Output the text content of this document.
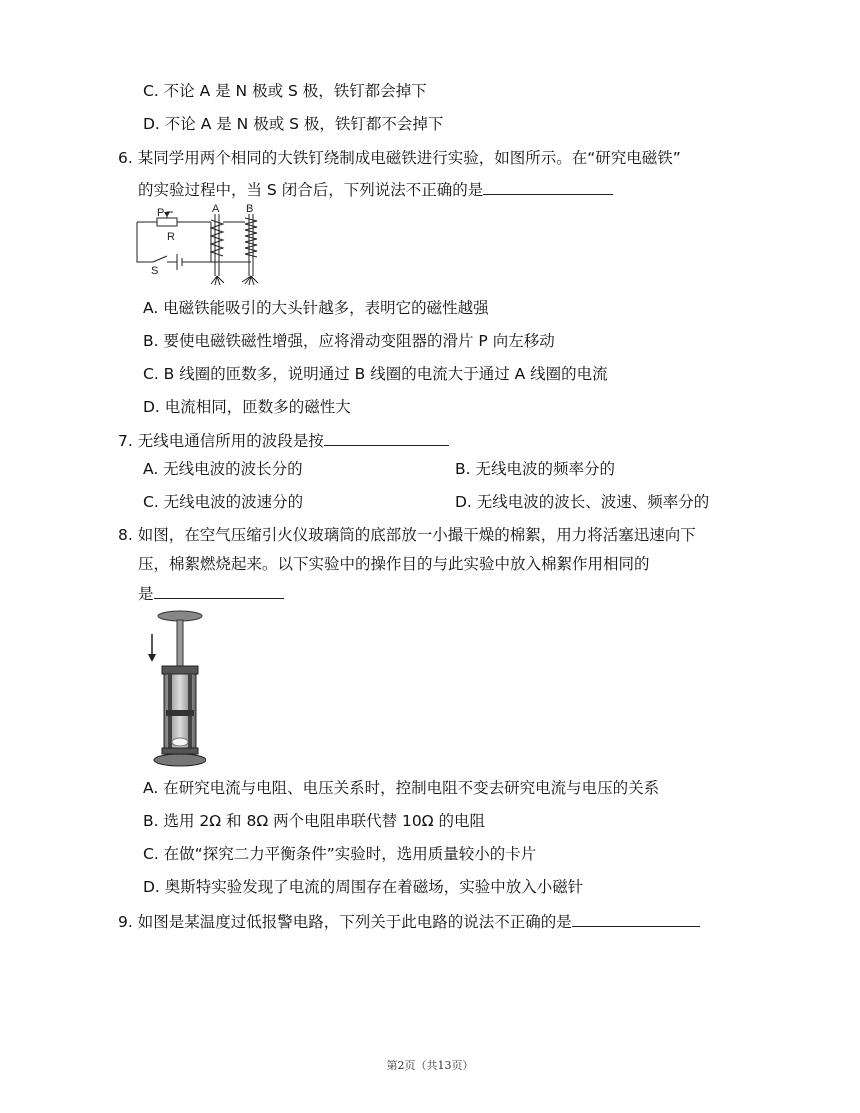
C. 不论 A 是 N 极或 S 极，铁钉都会掉下
D. 不论 A 是 N 极或 S 极，铁钉都不会掉下
6. 某同学用两个相同的大铁钉绕制成电磁铁进行实验，如图所示。在“研究电磁铁”
的实验过程中，当 S 闭合后，下列说法不正确的是
P
R
A B
S
A. 电磁铁能吸引的大头针越多，表明它的磁性越强
B. 要使电磁铁磁性增强，应将滑动变阻器的滑片 P 向左移动
C. B 线圈的匝数多，说明通过 B 线圈的电流大于通过 A 线圈的电流
D. 电流相同，匝数多的磁性大
7. 无线电通信所用的波段是按
A. 无线电波的波长分的	B. 无线电波的频率分的
C. 无线电波的波速分的	D. 无线电波的波长、波速、频率分的
8. 如图，在空气压缩引火仪玻璃筒的底部放一小撮干燥的棉絮，用力将活塞迅速向下
压，棉絮燃烧起来。以下实验中的操作目的与此实验中放入棉絮作用相同的
是
A. 在研究电流与电阻、电压关系时，控制电阻不变去研究电流与电压的关系
B. 选用 2Ω 和 8Ω 两个电阻串联代替 10Ω 的电阻
C. 在做“探究二力平衡条件”实验时，选用质量较小的卡片
D. 奥斯特实验发现了电流的周围存在着磁场，实验中放入小磁针
9. 如图是某温度过低报警电路，下列关于此电路的说法不正确的是
第2页（共13页）
